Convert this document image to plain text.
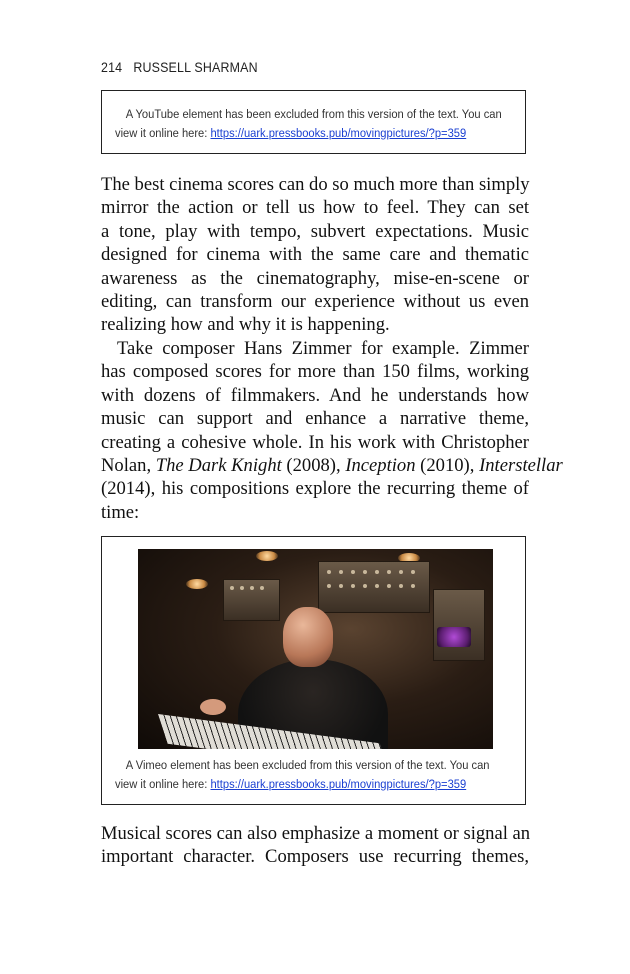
214 RUSSELL SHARMAN
A YouTube element has been excluded from this version of the text. You can
view it online here: https://uark.pressbooks.pub/movingpictures/?p=359

The best cinema scores can do so much more than simply
mirror the action or tell us how to feel. They can set
a tone, play with tempo, subvert expectations. Music
designed for cinema with the same care and thematic
awareness as the cinematography, mise-en-scene or
editing, can transform our experience without us even
realizing how and why it is happening.

Take composer Hans Zimmer for example. Zimmer
has composed scores for more than 150 films, working
with dozens of filmmakers. And he understands how
music can support and enhance a narrative theme,
creating a cohesive whole. In his work with Christopher
Nolan, The Dark Knight (2008), Inception (2010), Interstellar
(2014), his compositions explore the recurring theme of
time:

A Vimeo element has been excluded from this version of the text. You can
view it online here: https://uark.pressbooks.pub/movingpictures/?p=359

Musical scores can also emphasize a moment or signal an
important character. Composers use recurring themes,
